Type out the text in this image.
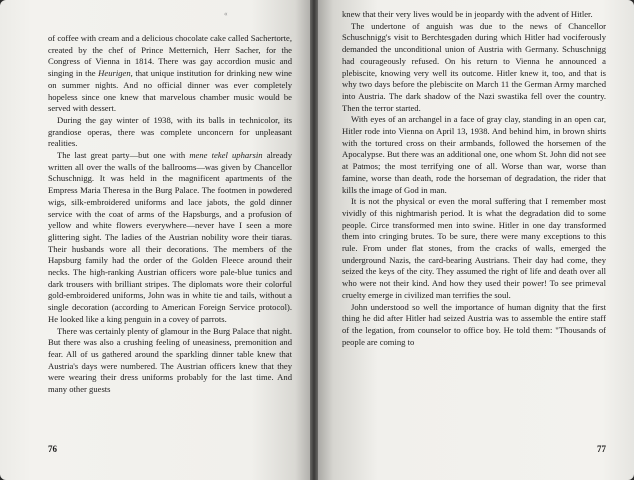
«

of coffee with cream and a delicious chocolate cake called Sachertorte, created by the chef of Prince Metternich, Herr Sacher, for the Congress of Vienna in 1814. There was gay accordion music and singing in the Heurigen, that unique institution for drinking new wine on summer nights. And no official dinner was ever completely hopeless since one knew that marvelous chamber music would be served with dessert.

During the gay winter of 1938, with its balls in technicolor, its grandiose operas, there was complete unconcern for unpleasant realities.

The last great party—but one with mene tekel upharsin already written all over the walls of the ballrooms—was given by Chancellor Schuschnigg. It was held in the magnificent apartments of the Empress Maria Theresa in the Burg Palace. The footmen in powdered wigs, silk-embroidered uniforms and lace jabots, the gold dinner service with the coat of arms of the Hapsburgs, and a profusion of yellow and white flowers everywhere—never have I seen a more glittering sight. The ladies of the Austrian nobility wore their tiaras. Their husbands wore all their decorations. The members of the Hapsburg family had the order of the Golden Fleece around their necks. The high-ranking Austrian officers wore pale-blue tunics and dark trousers with brilliant stripes. The diplomats wore their colorful gold-embroidered uniforms, John was in white tie and tails, without a single decoration (according to American Foreign Service protocol). He looked like a king penguin in a covey of parrots.

There was certainly plenty of glamour in the Burg Palace that night. But there was also a crushing feeling of uneasiness, premonition and fear. All of us gathered around the sparkling dinner table knew that Austria's days were numbered. The Austrian officers knew that they were wearing their dress uniforms probably for the last time. And many other guests

76

knew that their very lives would be in jeopardy with the advent of Hitler.

The undertone of anguish was due to the news of Chancellor Schuschnigg's visit to Berchtesgaden during which Hitler had vociferously demanded the unconditional union of Austria with Germany. Schuschnigg had courageously refused. On his return to Vienna he announced a plebiscite, knowing very well its outcome. Hitler knew it, too, and that is why two days before the plebiscite on March 11 the German Army marched into Austria. The dark shadow of the Nazi swastika fell over the country. Then the terror started.

With eyes of an archangel in a face of gray clay, standing in an open car, Hitler rode into Vienna on April 13, 1938. And behind him, in brown shirts with the tortured cross on their armbands, followed the horsemen of the Apocalypse. But there was an additional one, one whom St. John did not see at Patmos; the most terrifying one of all. Worse than war, worse than famine, worse than death, rode the horseman of degradation, the rider that kills the image of God in man.

It is not the physical or even the moral suffering that I remember most vividly of this nightmarish period. It is what the degradation did to some people. Circe transformed men into swine. Hitler in one day transformed them into cringing brutes. To be sure, there were many exceptions to this rule. From under flat stones, from the cracks of walls, emerged the underground Nazis, the card-bearing Austrians. Their day had come, they seized the keys of the city. They assumed the right of life and death over all who were not their kind. And how they used their power! To see primeval cruelty emerge in civilized man terrifies the soul.

John understood so well the importance of human dignity that the first thing he did after Hitler had seized Austria was to assemble the entire staff of the legation, from counselor to office boy. He told them: "Thousands of people are coming to

77
